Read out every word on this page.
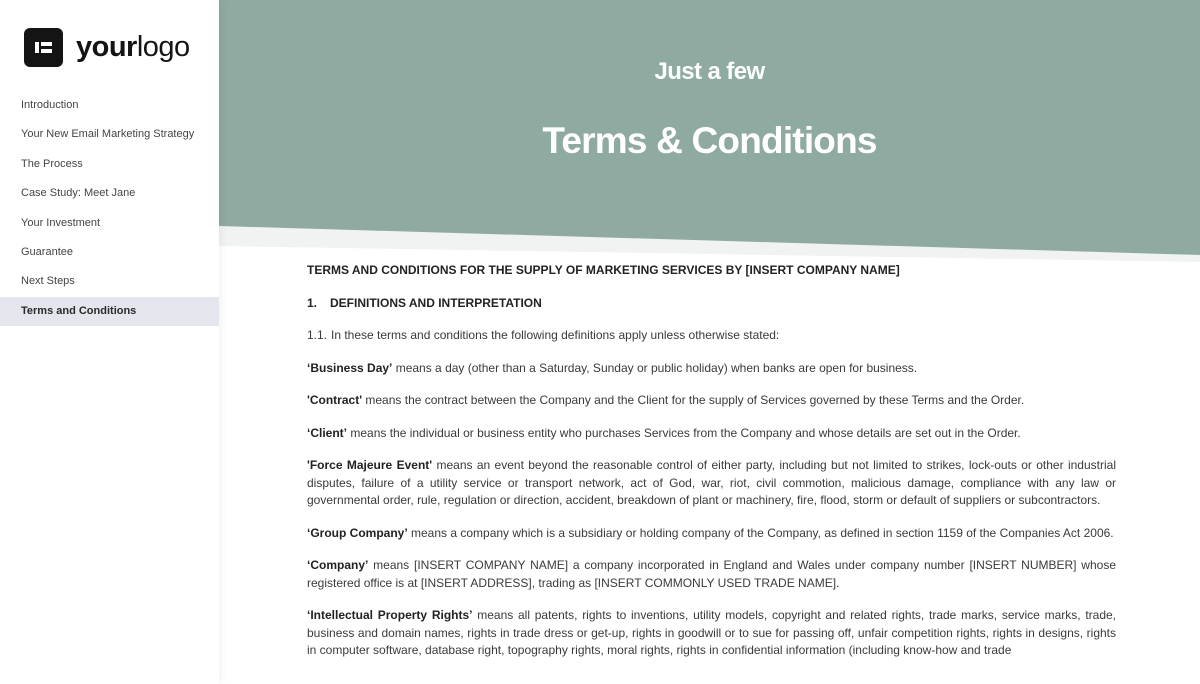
yourlogo
Introduction
Your New Email Marketing Strategy
The Process
Case Study: Meet Jane
Your Investment
Guarantee
Next Steps
Terms and Conditions
Just a few
Terms & Conditions
TERMS AND CONDITIONS FOR THE SUPPLY OF MARKETING SERVICES BY [INSERT COMPANY NAME]
1. DEFINITIONS AND INTERPRETATION

1.1. In these terms and conditions the following definitions apply unless otherwise stated:

‘Business Day’ means a day (other than a Saturday, Sunday or public holiday) when banks are open for business.

'Contract' means the contract between the Company and the Client for the supply of Services governed by these Terms and the Order.

‘Client’ means the individual or business entity who purchases Services from the Company and whose details are set out in the Order.

'Force Majeure Event' means an event beyond the reasonable control of either party, including but not limited to strikes, lock-outs or other industrial disputes, failure of a utility service or transport network, act of God, war, riot, civil commotion, malicious damage, compliance with any law or governmental order, rule, regulation or direction, accident, breakdown of plant or machinery, fire, flood, storm or default of suppliers or subcontractors.

‘Group Company’ means a company which is a subsidiary or holding company of the Company, as defined in section 1159 of the Companies Act 2006.

‘Company’ means [INSERT COMPANY NAME] a company incorporated in England and Wales under company number [INSERT NUMBER] whose registered office is at [INSERT ADDRESS], trading as [INSERT COMMONLY USED TRADE NAME].

‘Intellectual Property Rights’ means all patents, rights to inventions, utility models, copyright and related rights, trade marks, service marks, trade, business and domain names, rights in trade dress or get-up, rights in goodwill or to sue for passing off, unfair competition rights, rights in designs, rights in computer software, database right, topography rights, moral rights, rights in confidential information (including know-how and trade
